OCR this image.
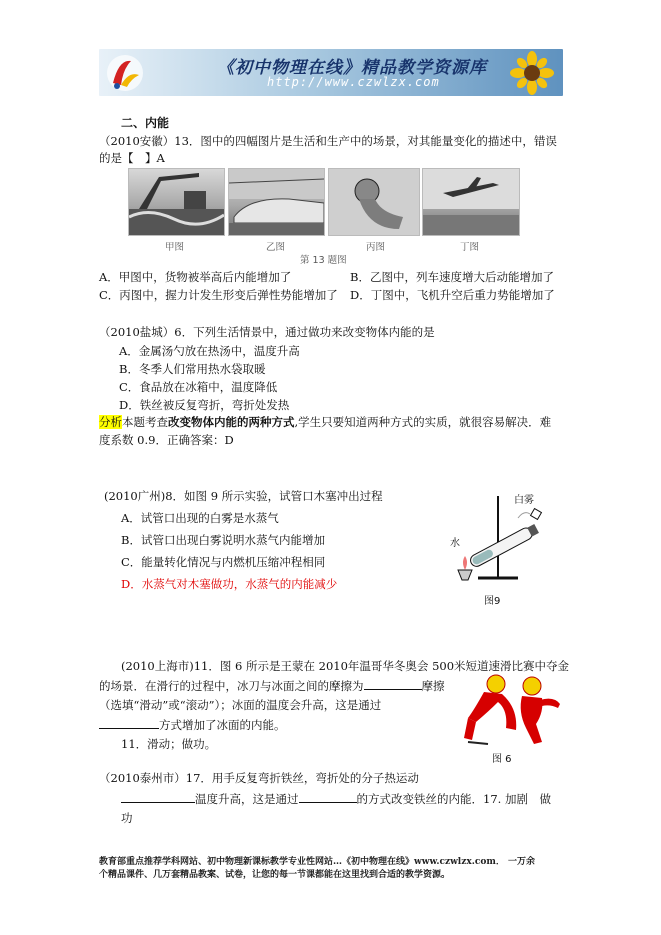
《初中物理在线》精品教学资源库
http://www.czwlzx.com
二、内能
（2010安徽）13．图中的四幅图片是生活和生产中的场景，对其能量变化的描述中，错误
的是【　】A
甲图	乙图	丙图	丁图
第 13 题图
A．甲图中，货物被举高后内能增加了	B．乙图中，列车速度增大后动能增加了
C．丙图中，握力计发生形变后弹性势能增加了 D．丁图中，飞机升空后重力势能增加了
（2010盐城）6．下列生活情景中，通过做功来改变物体内能的是
A．金属汤勺放在热汤中，温度升高
B．冬季人们常用热水袋取暖
C．食品放在冰箱中，温度降低
D．铁丝被反复弯折，弯折处发热
分析本题考查改变物体内能的两种方式,学生只要知道两种方式的实质，就很容易解决．难
度系数 0.9．正确答案：D
(2010广州)8．如图 9 所示实验，试管口木塞冲出过程
A．试管口出现的白雾是水蒸气
B．试管口出现白雾说明水蒸气内能增加
C．能量转化情况与内燃机压缩冲程相同
D．水蒸气对木塞做功，水蒸气的内能减少
白雾
水
图9
(2010上海市)11．图 6 所示是王蒙在 2010年温哥华冬奥会 500米短道速滑比赛中夺金
的场景．在滑行的过程中，冰刀与冰面之间的摩擦为	摩擦
（选填“滑动”或“滚动”）；冰面的温度会升高，这是通过
方式增加了冰面的内能。
11．滑动；做功。
图 6
（2010泰州市）17．用手反复弯折铁丝，弯折处的分子热运动
温度升高，这是通过	的方式改变铁丝的内能．17. 加剧　做
功
教育部重点推荐学科网站、初中物理新课标教学专业性网站…《初中物理在线》www.czwlzx.com． 一万余
个精品课件、几万套精品教案、试卷，让您的每一节课都能在这里找到合适的教学资源。
